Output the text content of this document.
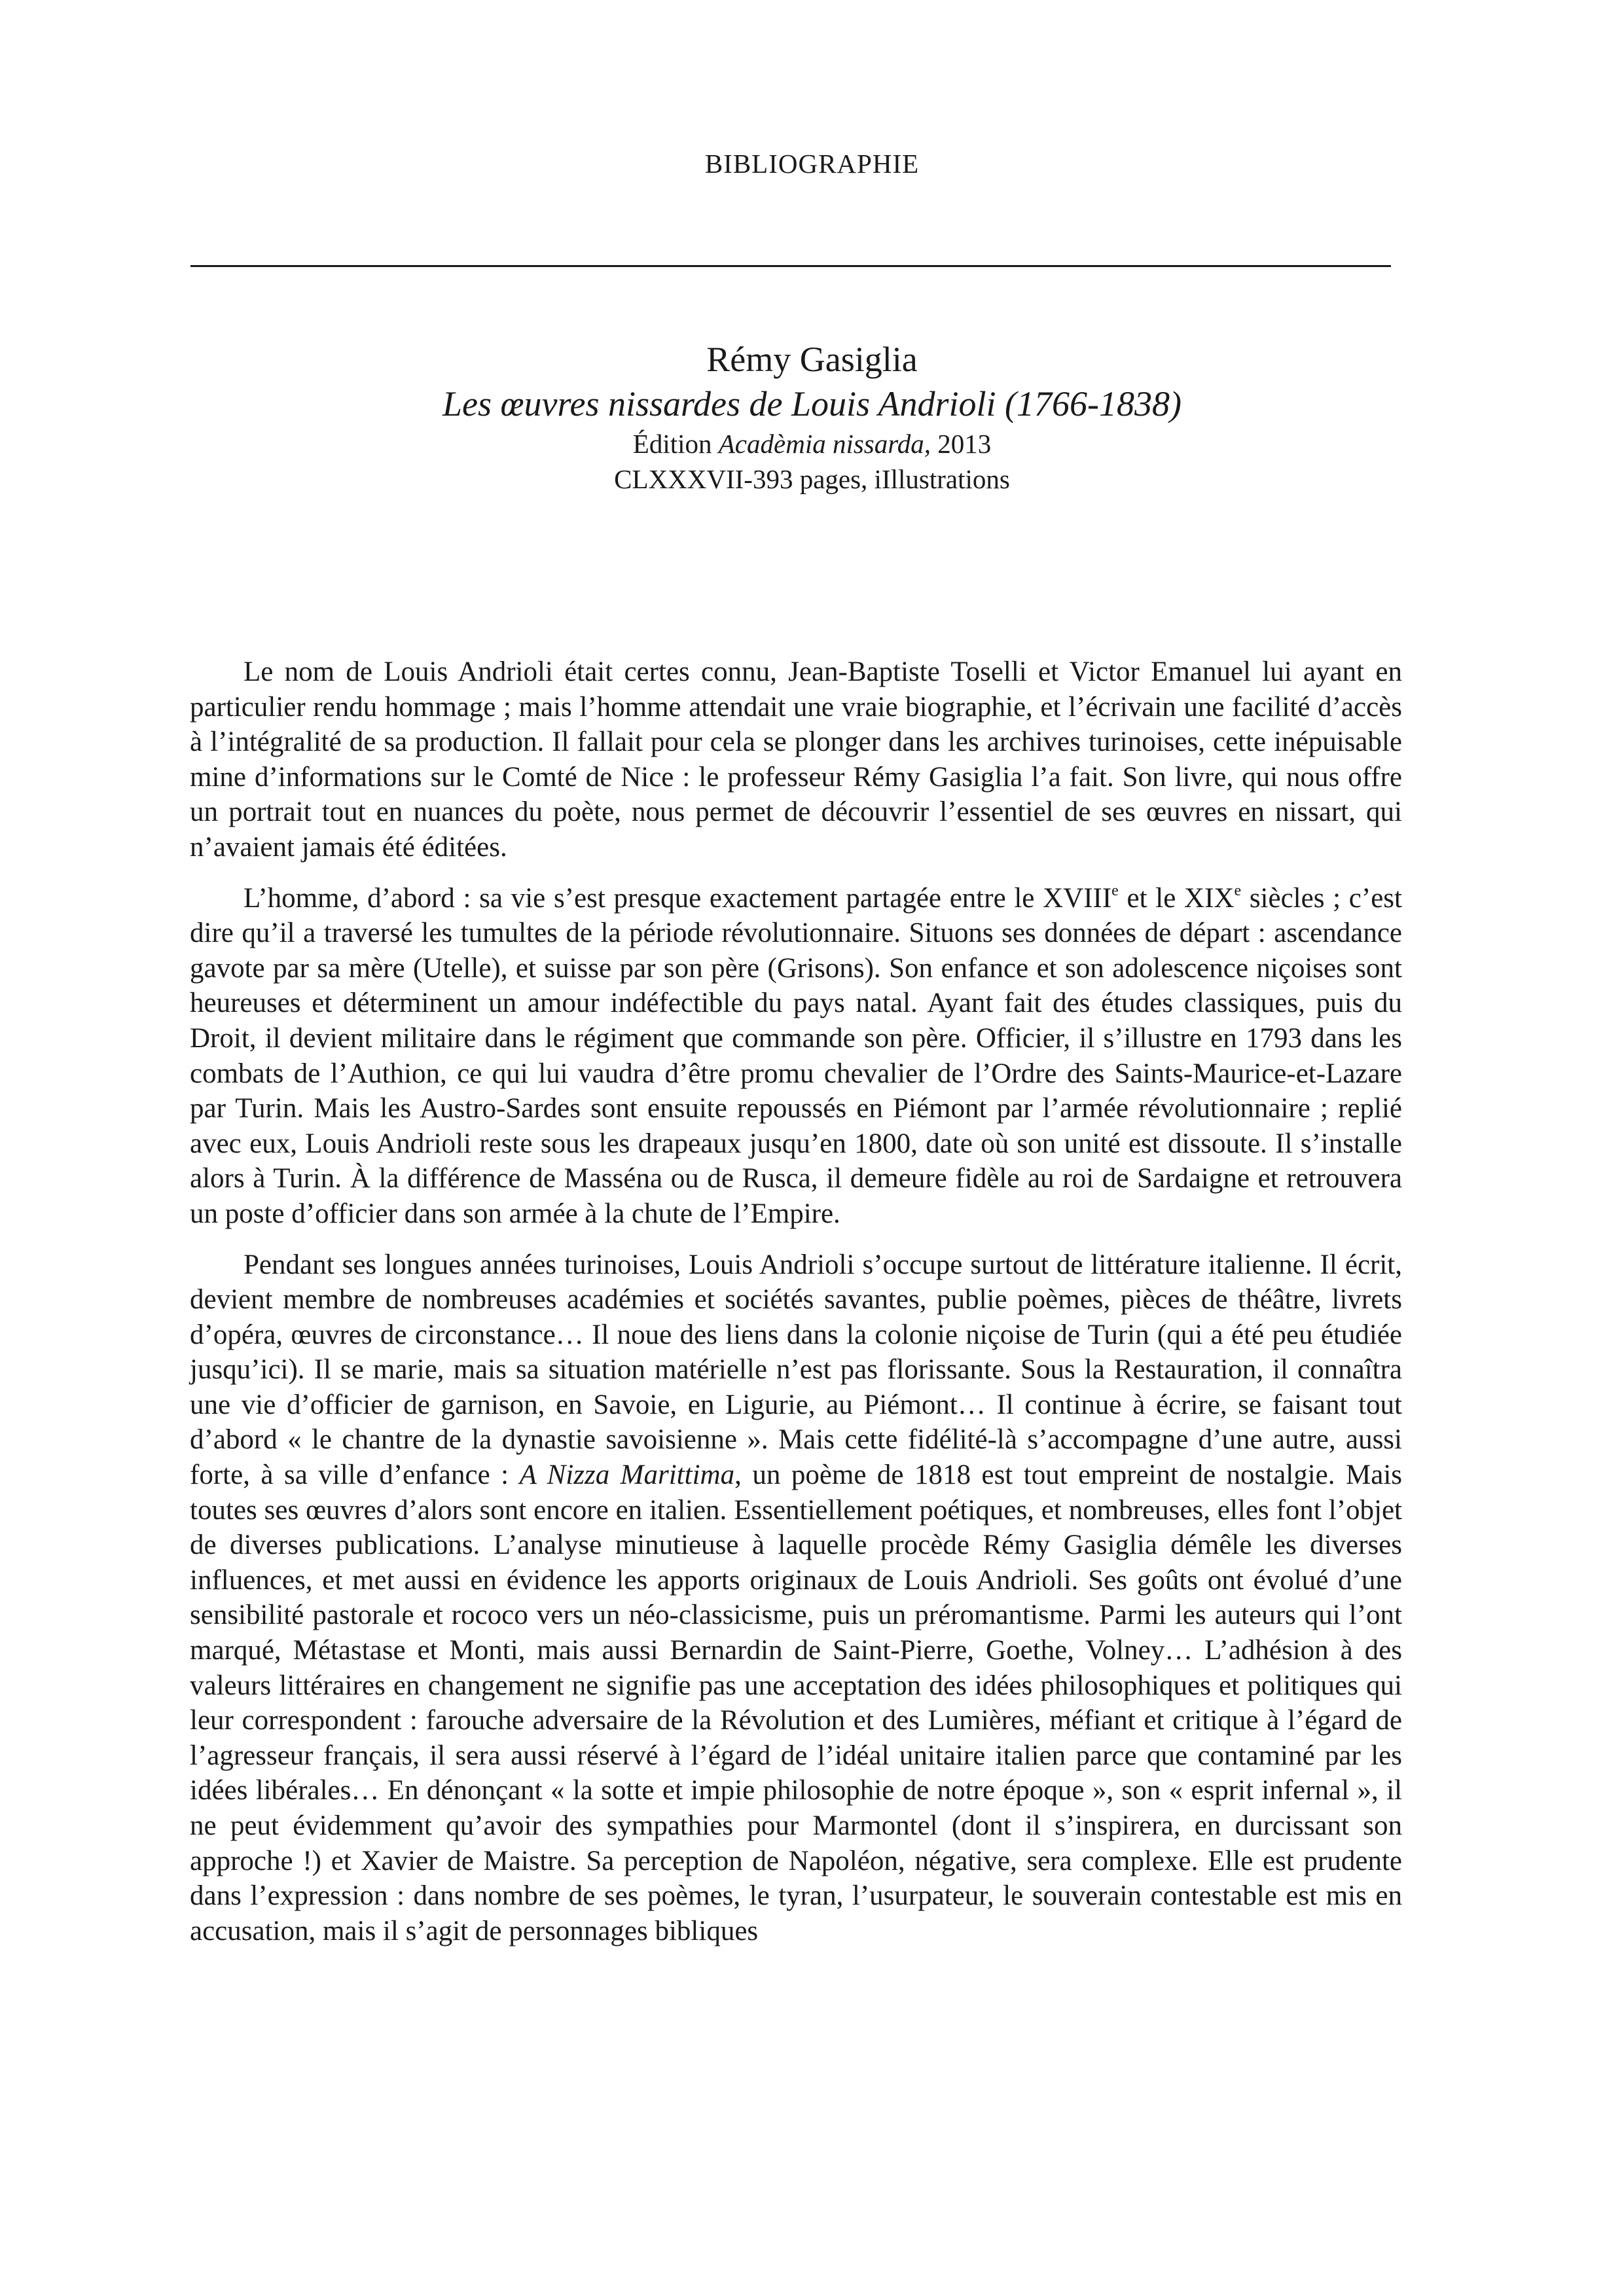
BIBLIOGRAPHIE
Rémy Gasiglia
Les œuvres nissardes de Louis Andrioli (1766-1838)
Édition Acadèmia nissarda, 2013
CLXXXVII-393 pages, iIllustrations

Le nom de Louis Andrioli était certes connu, Jean-Baptiste Toselli et Victor Emanuel lui ayant en particulier rendu hommage ; mais l’homme attendait une vraie biographie, et l’écrivain une facilité d’accès à l’intégralité de sa production. Il fallait pour cela se plonger dans les archives turinoises, cette inépuisable mine d’informations sur le Comté de Nice : le professeur Rémy Gasiglia l’a fait. Son livre, qui nous offre un portrait tout en nuances du poète, nous permet de découvrir l’essentiel de ses œuvres en nissart, qui n’avaient jamais été éditées.

L’homme, d’abord : sa vie s’est presque exactement partagée entre le XVIIIe et le XIXe siècles ; c’est dire qu’il a traversé les tumultes de la période révolutionnaire. Situons ses données de départ : ascendance gavote par sa mère (Utelle), et suisse par son père (Grisons). Son enfance et son adolescence niçoises sont heureuses et déterminent un amour indéfectible du pays natal. Ayant fait des études classiques, puis du Droit, il devient militaire dans le régiment que commande son père. Officier, il s’illustre en 1793 dans les combats de l’Authion, ce qui lui vaudra d’être promu chevalier de l’Ordre des Saints-Maurice-et-Lazare par Turin. Mais les Austro-Sardes sont ensuite repoussés en Piémont par l’armée révolutionnaire ; replié avec eux, Louis Andrioli reste sous les drapeaux jusqu’en 1800, date où son unité est dissoute. Il s’installe alors à Turin. À la différence de Masséna ou de Rusca, il demeure fidèle au roi de Sardaigne et retrouvera un poste d’officier dans son armée à la chute de l’Empire.

Pendant ses longues années turinoises, Louis Andrioli s’occupe surtout de littérature italienne. Il écrit, devient membre de nombreuses académies et sociétés savantes, publie poèmes, pièces de théâtre, livrets d’opéra, œuvres de circonstance… Il noue des liens dans la colonie niçoise de Turin (qui a été peu étudiée jusqu’ici). Il se marie, mais sa situation matérielle n’est pas florissante. Sous la Restauration, il connaîtra une vie d’officier de garnison, en Savoie, en Ligurie, au Piémont… Il continue à écrire, se faisant tout d’abord « le chantre de la dynastie savoisienne ». Mais cette fidélité-là s’accompagne d’une autre, aussi forte, à sa ville d’enfance : A Nizza Marittima, un poème de 1818 est tout empreint de nostalgie. Mais toutes ses œuvres d’alors sont encore en italien. Essentiellement poétiques, et nombreuses, elles font l’objet de diverses publications. L’analyse minutieuse à laquelle procède Rémy Gasiglia démêle les diverses influences, et met aussi en évidence les apports originaux de Louis Andrioli. Ses goûts ont évolué d’une sensibilité pastorale et rococo vers un néo-classicisme, puis un préromantisme. Parmi les auteurs qui l’ont marqué, Métastase et Monti, mais aussi Bernardin de Saint-Pierre, Goethe, Volney… L’adhésion à des valeurs littéraires en changement ne signifie pas une acceptation des idées philosophiques et politiques qui leur correspondent : farouche adversaire de la Révolution et des Lumières, méfiant et critique à l’égard de l’agresseur français, il sera aussi réservé à l’égard de l’idéal unitaire italien parce que contaminé par les idées libérales… En dénonçant « la sotte et impie philosophie de notre époque », son « esprit infernal », il ne peut évidemment qu’avoir des sympathies pour Marmontel (dont il s’inspirera, en durcissant son approche !) et Xavier de Maistre. Sa perception de Napoléon, négative, sera complexe. Elle est prudente dans l’expression : dans nombre de ses poèmes, le tyran, l’usurpateur, le souverain contestable est mis en accusation, mais il s’agit de personnages bibliques
